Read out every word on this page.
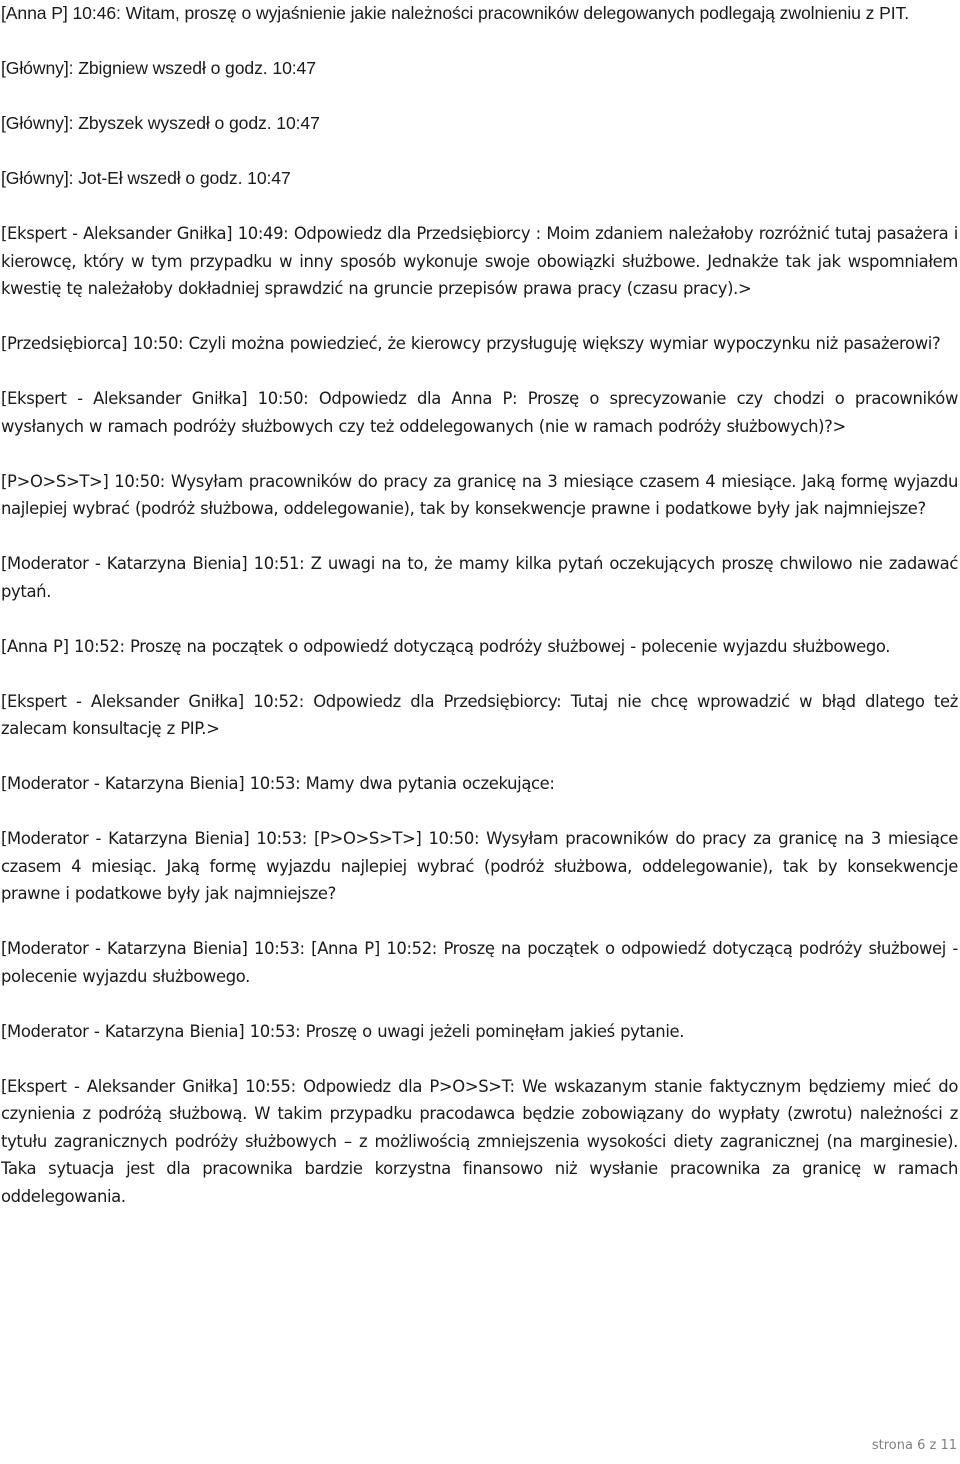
[Anna P] 10:46: Witam, proszę o wyjaśnienie jakie należności pracowników delegowanych podlegają zwolnieniu z PIT.

[Główny]: Zbigniew wszedł o godz. 10:47

[Główny]: Zbyszek wyszedł o godz. 10:47

[Główny]: Jot-Eł wszedł o godz. 10:47

[Ekspert - Aleksander Gniłka] 10:49: Odpowiedz dla Przedsiębiorcy : Moim zdaniem należałoby rozróżnić tutaj pasażera i kierowcę, który w tym przypadku w inny sposób wykonuje swoje obowiązki służbowe. Jednakże tak jak wspomniałem kwestię tę należałoby dokładniej sprawdzić na gruncie przepisów prawa pracy (czasu pracy).>

[Przedsiębiorca] 10:50: Czyli można powiedzieć, że kierowcy przysługuję większy wymiar wypoczynku niż pasażerowi?

[Ekspert - Aleksander Gniłka] 10:50: Odpowiedz dla Anna P: Proszę o sprecyzowanie czy chodzi o pracowników wysłanych w ramach podróży służbowych czy też oddelegowanych (nie w ramach podróży służbowych)?>

[P>O>S>T>] 10:50: Wysyłam pracowników do pracy za granicę na 3 miesiące czasem 4 miesiące. Jaką formę wyjazdu najlepiej wybrać (podróż służbowa, oddelegowanie), tak by konsekwencje prawne i podatkowe były jak najmniejsze?

[Moderator - Katarzyna Bienia] 10:51: Z uwagi na to, że mamy kilka pytań oczekujących proszę chwilowo nie zadawać pytań.

[Anna P] 10:52: Proszę na początek o odpowiedź dotyczącą podróży służbowej - polecenie wyjazdu służbowego.

[Ekspert - Aleksander Gniłka] 10:52: Odpowiedz dla Przedsiębiorcy: Tutaj nie chcę wprowadzić w błąd dlatego też zalecam konsultację z PIP.>

[Moderator - Katarzyna Bienia] 10:53: Mamy dwa pytania oczekujące:

[Moderator - Katarzyna Bienia] 10:53: [P>O>S>T>] 10:50: Wysyłam pracowników do pracy za granicę na 3 miesiące czasem 4 miesiąc. Jaką formę wyjazdu najlepiej wybrać (podróż służbowa, oddelegowanie), tak by konsekwencje prawne i podatkowe były jak najmniejsze?

[Moderator - Katarzyna Bienia] 10:53: [Anna P] 10:52: Proszę na początek o odpowiedź dotyczącą podróży służbowej - polecenie wyjazdu służbowego.

[Moderator - Katarzyna Bienia] 10:53: Proszę o uwagi jeżeli pominęłam jakieś pytanie.

[Ekspert - Aleksander Gniłka] 10:55: Odpowiedz dla P>O>S>T: We wskazanym stanie faktycznym będziemy mieć do czynienia z podróżą służbową. W takim przypadku pracodawca będzie zobowiązany do wypłaty (zwrotu) należności z tytułu zagranicznych podróży służbowych – z możliwością zmniejszenia wysokości diety zagranicznej (na marginesie). Taka sytuacja jest dla pracownika bardzie korzystna finansowo niż wysłanie pracownika za granicę w ramach oddelegowania.

strona 6 z 11
